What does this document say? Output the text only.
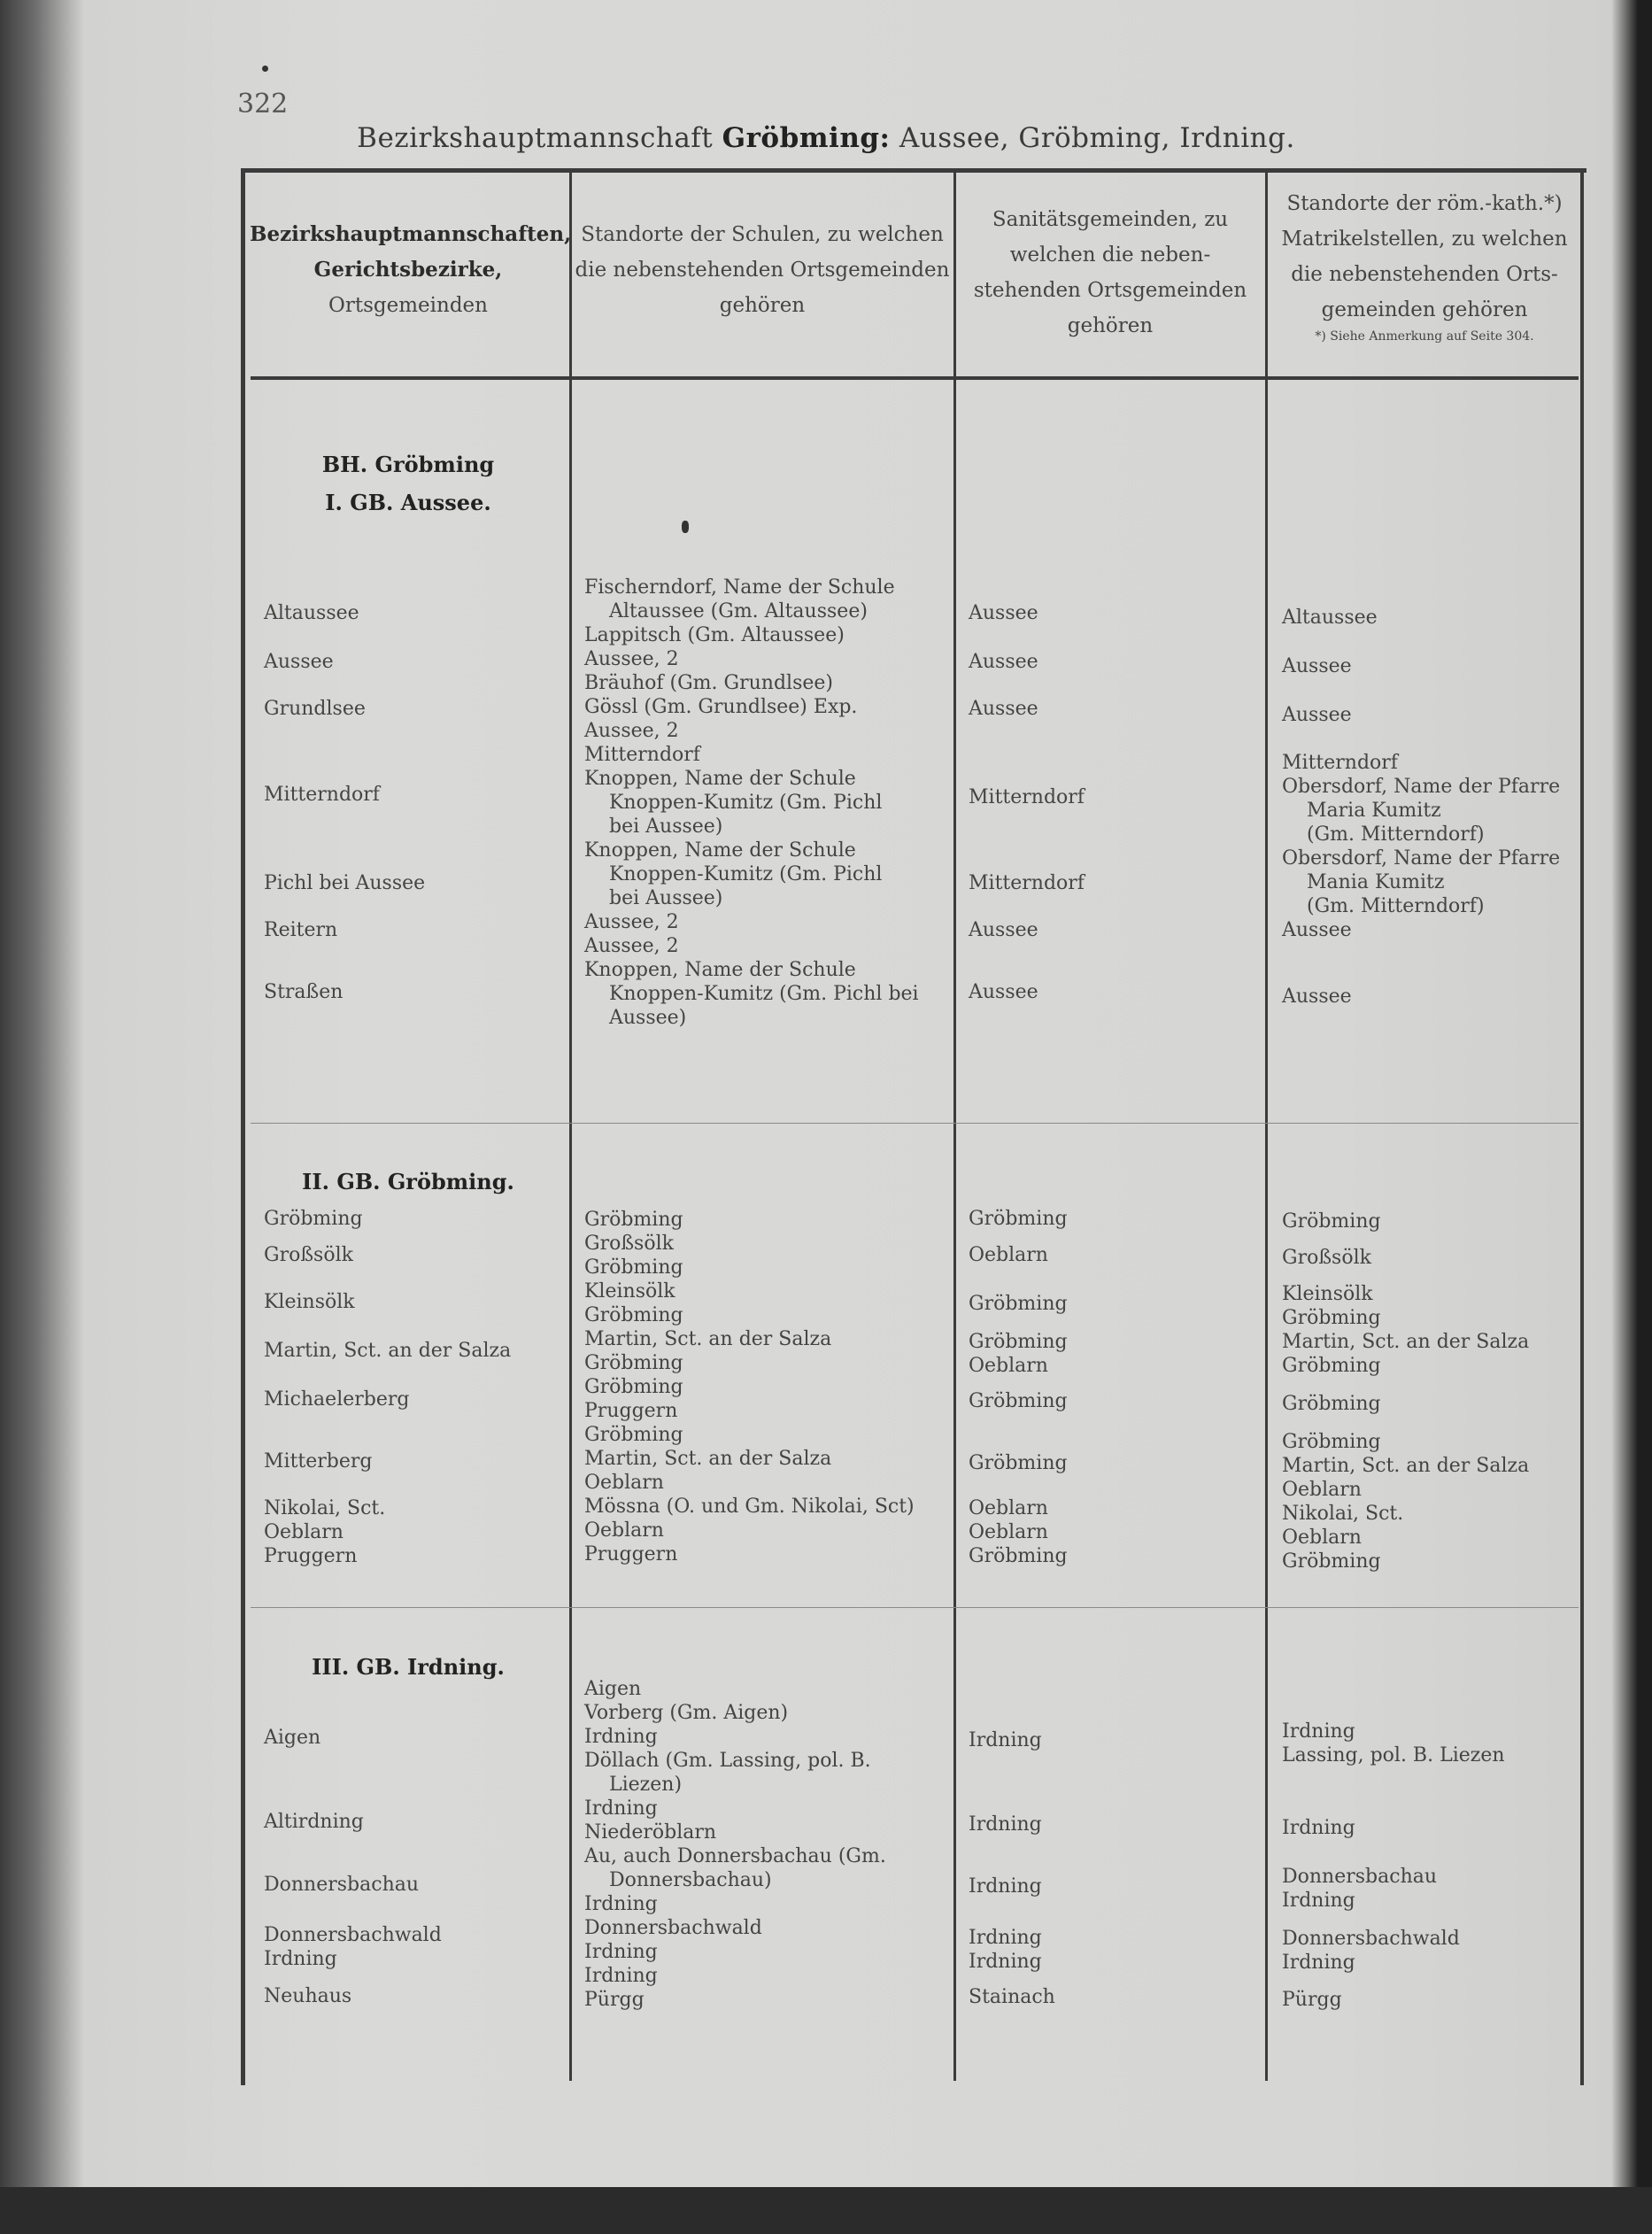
322
Bezirkshauptmannschaft Gröbming: Aussee, Gröbming, Irdning.
Bezirkshauptmannschaften,
Gerichtsbezirke,
Ortsgemeinden
Standorte der Schulen, zu welchen
die nebenstehenden Ortsgemeinden
gehören
Sanitätsgemeinden, zu
welchen die neben-
stehenden Ortsgemeinden
gehören
Standorte der röm.-kath.*)
Matrikelstellen, zu welchen
die nebenstehenden Orts-
gemeinden gehören
*) Siehe Anmerkung auf Seite 304.
BH. Gröbming
I. GB. Aussee.
Altaussee
Aussee
Grundlsee
Mitterndorf
Pichl bei Aussee
Reitern
Straßen
Fischerndorf, Name der Schule
Altaussee (Gm. Altaussee)
Lappitsch (Gm. Altaussee)
Aussee, 2
Bräuhof (Gm. Grundlsee)
Gössl (Gm. Grundlsee) Exp.
Aussee, 2
Mitterndorf
Knoppen, Name der Schule
Knoppen-Kumitz (Gm. Pichl
bei Aussee)
Knoppen, Name der Schule
Knoppen-Kumitz (Gm. Pichl
bei Aussee)
Aussee, 2
Aussee, 2
Knoppen, Name der Schule
Knoppen-Kumitz (Gm. Pichl bei
Aussee)
Aussee
Aussee
Aussee
Mitterndorf
Mitterndorf
Aussee
Aussee
Altaussee
Aussee
Aussee
Mitterndorf
Obersdorf, Name der Pfarre
Maria Kumitz
(Gm. Mitterndorf)
Obersdorf, Name der Pfarre
Mania Kumitz
(Gm. Mitterndorf)
Aussee
Aussee
II. GB. Gröbming.
Gröbming
Großsölk
Kleinsölk
Martin, Sct. an der Salza
Michaelerberg
Mitterberg
Nikolai, Sct.
Oeblarn
Pruggern
Gröbming
Großsölk
Gröbming
Kleinsölk
Gröbming
Martin, Sct. an der Salza
Gröbming
Gröbming
Pruggern
Gröbming
Martin, Sct. an der Salza
Oeblarn
Mössna (O. und Gm. Nikolai, Sct)
Oeblarn
Pruggern
Gröbming
Oeblarn
Gröbming
Gröbming
Oeblarn
Gröbming
Gröbming
Oeblarn
Oeblarn
Gröbming
Gröbming
Großsölk
Kleinsölk
Gröbming
Martin, Sct. an der Salza
Gröbming
Gröbming
Gröbming
Martin, Sct. an der Salza
Oeblarn
Nikolai, Sct.
Oeblarn
Gröbming
III. GB. Irdning.
Aigen
Altirdning
Donnersbachau
Donnersbachwald
Irdning
Neuhaus
Aigen
Vorberg (Gm. Aigen)
Irdning
Döllach (Gm. Lassing, pol. B.
Liezen)
Irdning
Niederöblarn
Au, auch Donnersbachau (Gm.
Donnersbachau)
Irdning
Donnersbachwald
Irdning
Irdning
Pürgg
Irdning
Irdning
Irdning
Irdning
Irdning
Stainach
Irdning
Lassing, pol. B. Liezen
Irdning
Donnersbachau
Irdning
Donnersbachwald
Irdning
Pürgg
